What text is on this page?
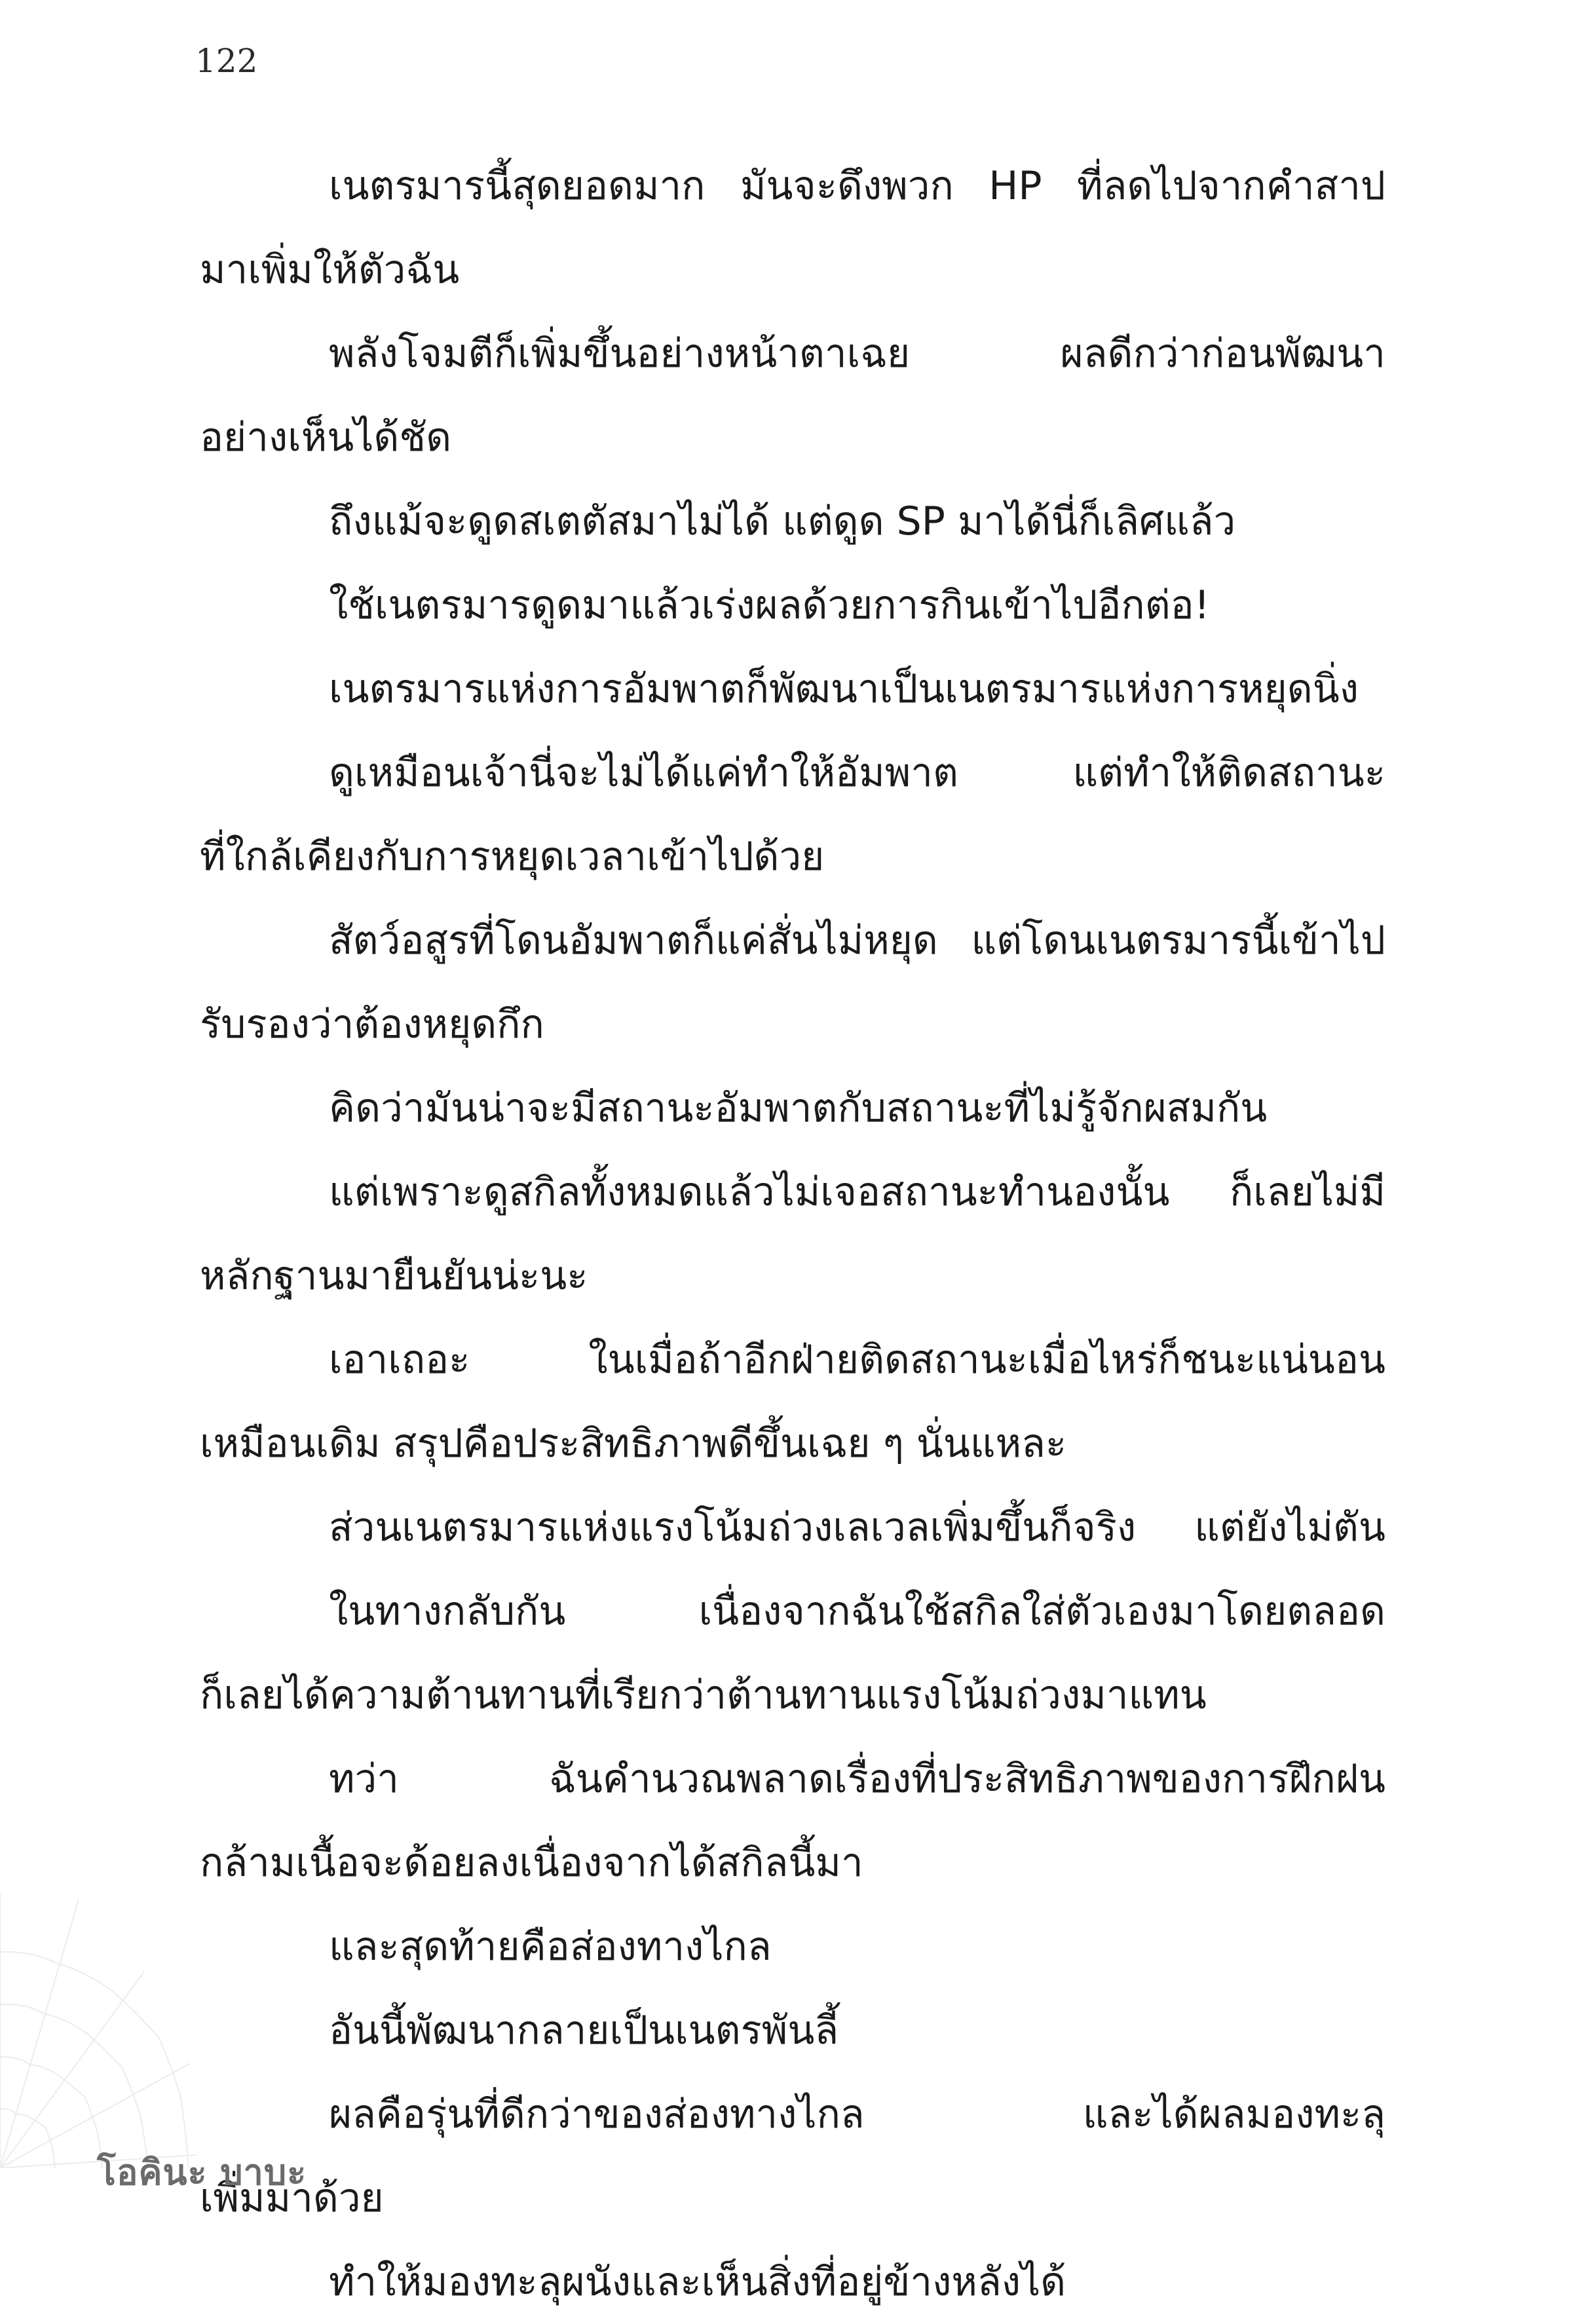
122
เนตรมารนี้สุดยอดมาก มันจะดึงพวก HP ที่ลดไปจากคำสาป
มาเพิ่มให้ตัวฉัน
พลังโจมตีก็เพิ่มขึ้นอย่างหน้าตาเฉย ผลดีกว่าก่อนพัฒนา
อย่างเห็นได้ชัด
ถึงแม้จะดูดสเตตัสมาไม่ได้ แต่ดูด SP มาได้นี่ก็เลิศแล้ว
ใช้เนตรมารดูดมาแล้วเร่งผลด้วยการกินเข้าไปอีกต่อ!
เนตรมารแห่งการอัมพาตก็พัฒนาเป็นเนตรมารแห่งการหยุดนิ่ง
ดูเหมือนเจ้านี่จะไม่ได้แค่ทำให้อัมพาต แต่ทำให้ติดสถานะ
ที่ใกล้เคียงกับการหยุดเวลาเข้าไปด้วย
สัตว์อสูรที่โดนอัมพาตก็แค่สั่นไม่หยุด แต่โดนเนตรมารนี้เข้าไป
รับรองว่าต้องหยุดกึก
คิดว่ามันน่าจะมีสถานะอัมพาตกับสถานะที่ไม่รู้จักผสมกัน
แต่เพราะดูสกิลทั้งหมดแล้วไม่เจอสถานะทำนองนั้น ก็เลยไม่มี
หลักฐานมายืนยันน่ะนะ
เอาเถอะ ในเมื่อถ้าอีกฝ่ายติดสถานะเมื่อไหร่ก็ชนะแน่นอน
เหมือนเดิม สรุปคือประสิทธิภาพดีขึ้นเฉย ๆ นั่นแหละ
ส่วนเนตรมารแห่งแรงโน้มถ่วงเลเวลเพิ่มขึ้นก็จริง แต่ยังไม่ตัน
ในทางกลับกัน เนื่องจากฉันใช้สกิลใส่ตัวเองมาโดยตลอด
ก็เลยได้ความต้านทานที่เรียกว่าต้านทานแรงโน้มถ่วงมาแทน
ทว่า ฉันคำนวณพลาดเรื่องที่ประสิทธิภาพของการฝึกฝน
กล้ามเนื้อจะด้อยลงเนื่องจากได้สกิลนี้มา
และสุดท้ายคือส่องทางไกล
อันนี้พัฒนากลายเป็นเนตรพันลี้
ผลคือรุ่นที่ดีกว่าของส่องทางไกล และได้ผลมองทะลุ
เพิ่มมาด้วย
ทำให้มองทะลุผนังและเห็นสิ่งที่อยู่ข้างหลังได้
โอคินะ บาบะ
